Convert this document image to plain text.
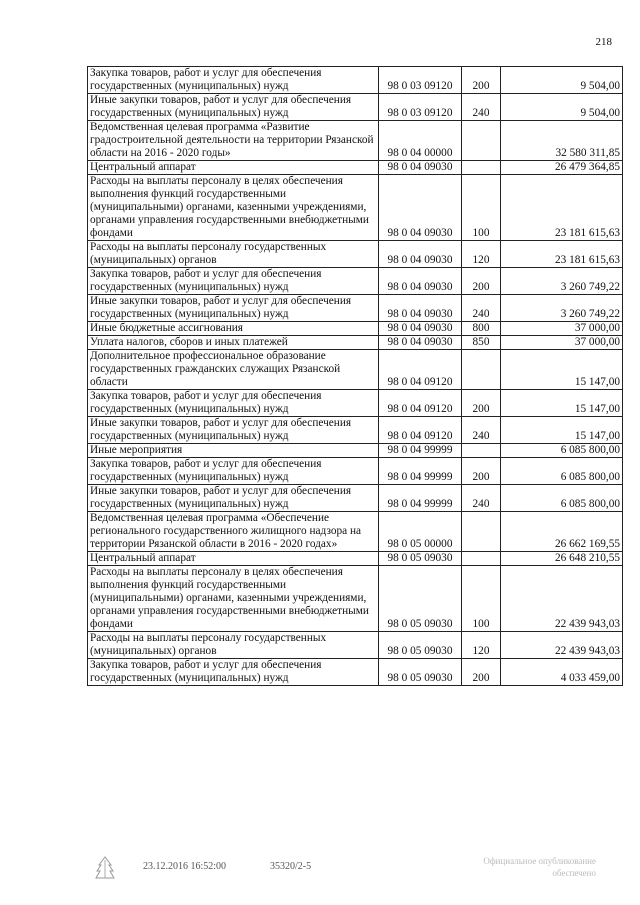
218
Закупка товаров, работ и услуг для обеспечения государственных (муниципальных) нужд	98 0 03 09120	200	9 504,00
Иные закупки товаров, работ и услуг для обеспечения государственных (муниципальных) нужд	98 0 03 09120	240	9 504,00
Ведомственная целевая программа «Развитие градостроительной деятельности на территории Рязанской области на 2016 - 2020 годы»	98 0 04 00000		32 580 311,85
Центральный аппарат	98 0 04 09030		26 479 364,85
Расходы на выплаты персоналу в целях обеспечения выполнения функций государственными (муниципальными) органами, казенными учреждениями, органами управления государственными внебюджетными фондами	98 0 04 09030	100	23 181 615,63
Расходы на выплаты персоналу государственных (муниципальных) органов	98 0 04 09030	120	23 181 615,63
Закупка товаров, работ и услуг для обеспечения государственных (муниципальных) нужд	98 0 04 09030	200	3 260 749,22
Иные закупки товаров, работ и услуг для обеспечения государственных (муниципальных) нужд	98 0 04 09030	240	3 260 749,22
Иные бюджетные ассигнования	98 0 04 09030	800	37 000,00
Уплата налогов, сборов и иных платежей	98 0 04 09030	850	37 000,00
Дополнительное профессиональное образование государственных гражданских служащих Рязанской области	98 0 04 09120		15 147,00
Закупка товаров, работ и услуг для обеспечения государственных (муниципальных) нужд	98 0 04 09120	200	15 147,00
Иные закупки товаров, работ и услуг для обеспечения государственных (муниципальных) нужд	98 0 04 09120	240	15 147,00
Иные мероприятия	98 0 04 99999		6 085 800,00
Закупка товаров, работ и услуг для обеспечения государственных (муниципальных) нужд	98 0 04 99999	200	6 085 800,00
Иные закупки товаров, работ и услуг для обеспечения государственных (муниципальных) нужд	98 0 04 99999	240	6 085 800,00
Ведомственная целевая программа «Обеспечение регионального государственного жилищного надзора на территории Рязанской области в 2016 - 2020 годах»	98 0 05 00000		26 662 169,55
Центральный аппарат	98 0 05 09030		26 648 210,55
Расходы на выплаты персоналу в целях обеспечения выполнения функций государственными (муниципальными) органами, казенными учреждениями, органами управления государственными внебюджетными фондами	98 0 05 09030	100	22 439 943,03
Расходы на выплаты персоналу государственных (муниципальных) органов	98 0 05 09030	120	22 439 943,03
Закупка товаров, работ и услуг для обеспечения государственных (муниципальных) нужд	98 0 05 09030	200	4 033 459,00
23.12.2016 16:52:00	35320/2-5	Официальное опубликование
обеспечено
